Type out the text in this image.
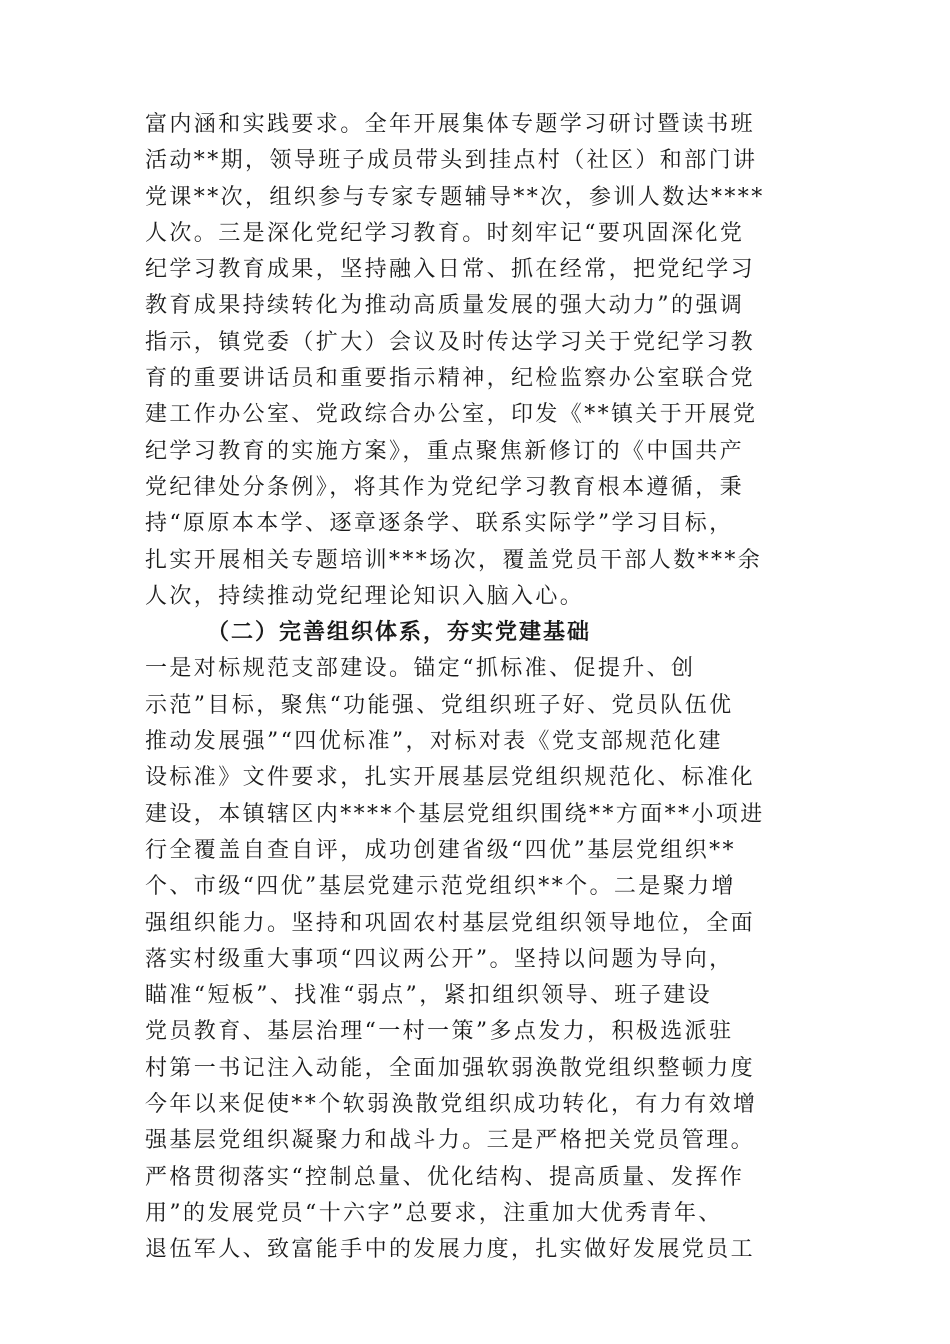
富内涵和实践要求。全年开展集体专题学习研讨暨读书班
活动**期，领导班子成员带头到挂点村（社区）和部门讲
党课**次，组织参与专家专题辅导**次，参训人数达****
人次。三是深化党纪学习教育。时刻牢记“要巩固深化党
纪学习教育成果，坚持融入日常、抓在经常，把党纪学习
教育成果持续转化为推动高质量发展的强大动力”的强调
指示，镇党委（扩大）会议及时传达学习关于党纪学习教
育的重要讲话员和重要指示精神，纪检监察办公室联合党
建工作办公室、党政综合办公室，印发《**镇关于开展党
纪学习教育的实施方案》，重点聚焦新修订的《中国共产
党纪律处分条例》，将其作为党纪学习教育根本遵循，秉
持“原原本本学、逐章逐条学、联系实际学”学习目标，
扎实开展相关专题培训***场次，覆盖党员干部人数***余
人次，持续推动党纪理论知识入脑入心。
（二）完善组织体系，夯实党建基础
一是对标规范支部建设。锚定“抓标准、促提升、创
示范”目标，聚焦“功能强、党组织班子好、党员队伍优
推动发展强”“四优标准”，对标对表《党支部规范化建
设标准》文件要求，扎实开展基层党组织规范化、标准化
建设，本镇辖区内****个基层党组织围绕**方面**小项进
行全覆盖自查自评，成功创建省级“四优”基层党组织**
个、市级“四优”基层党建示范党组织**个。二是聚力增
强组织能力。坚持和巩固农村基层党组织领导地位，全面
落实村级重大事项“四议两公开”。坚持以问题为导向，
瞄准“短板”、找准“弱点”，紧扣组织领导、班子建设
党员教育、基层治理“一村一策”多点发力，积极选派驻
村第一书记注入动能，全面加强软弱涣散党组织整顿力度
今年以来促使**个软弱涣散党组织成功转化，有力有效增
强基层党组织凝聚力和战斗力。三是严格把关党员管理。
严格贯彻落实“控制总量、优化结构、提高质量、发挥作
用”的发展党员“十六字”总要求，注重加大优秀青年、
退伍军人、致富能手中的发展力度，扎实做好发展党员工
